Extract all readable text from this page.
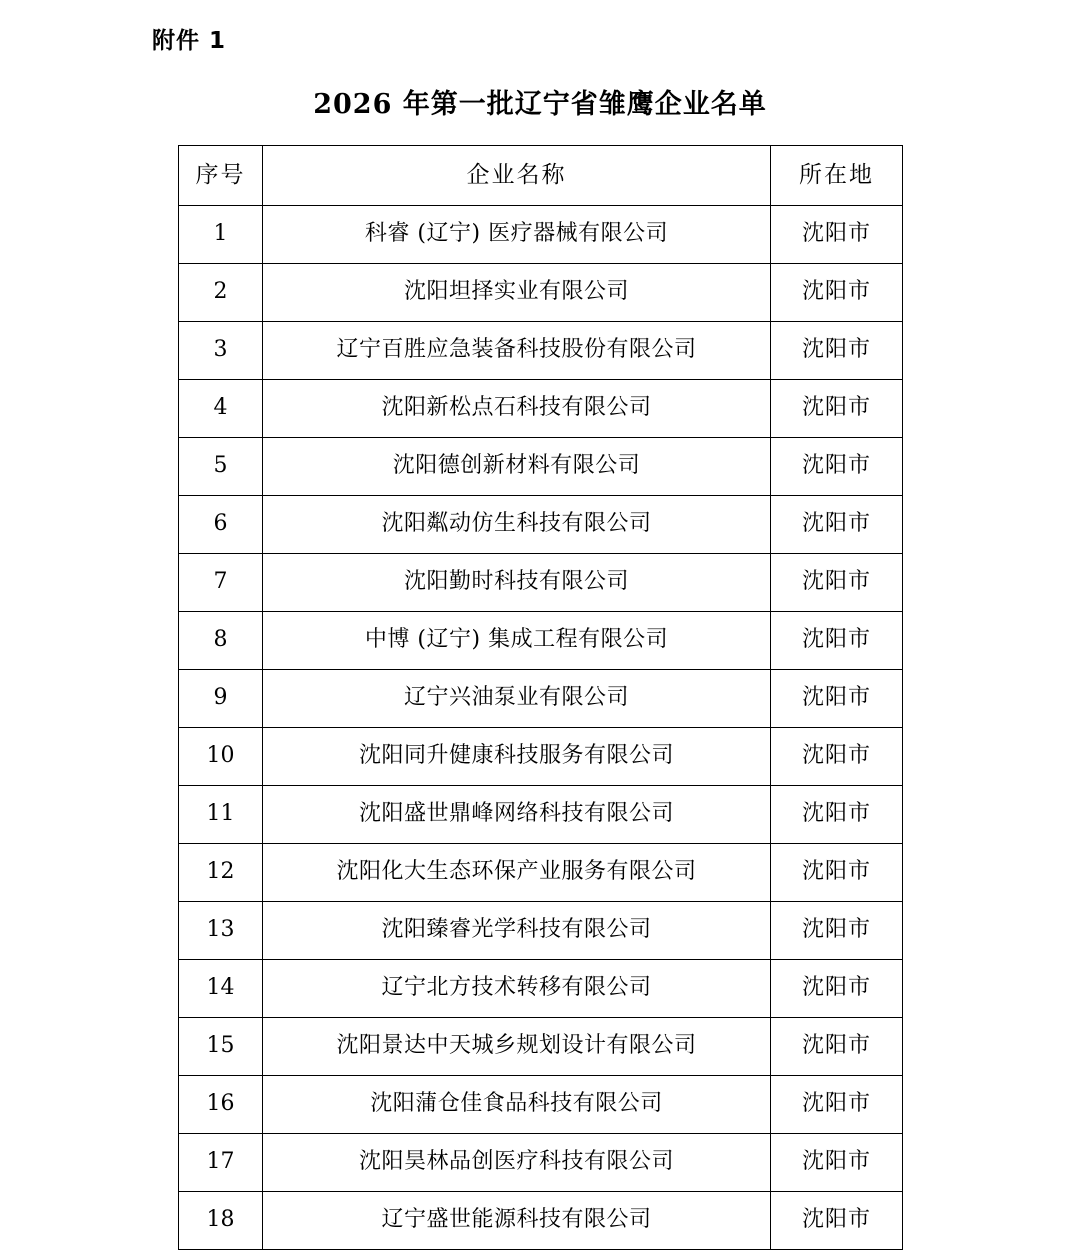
附件 1
2026 年第一批辽宁省雏鹰企业名单
序号	企业名称	所在地
1	科睿 (辽宁) 医疗器械有限公司	沈阳市
2	沈阳坦择实业有限公司	沈阳市
3	辽宁百胜应急装备科技股份有限公司	沈阳市
4	沈阳新松点石科技有限公司	沈阳市
5	沈阳德创新材料有限公司	沈阳市
6	沈阳粼动仿生科技有限公司	沈阳市
7	沈阳勤时科技有限公司	沈阳市
8	中博 (辽宁) 集成工程有限公司	沈阳市
9	辽宁兴油泵业有限公司	沈阳市
10	沈阳同升健康科技服务有限公司	沈阳市
11	沈阳盛世鼎峰网络科技有限公司	沈阳市
12	沈阳化大生态环保产业服务有限公司	沈阳市
13	沈阳臻睿光学科技有限公司	沈阳市
14	辽宁北方技术转移有限公司	沈阳市
15	沈阳景达中天城乡规划设计有限公司	沈阳市
16	沈阳蒲仓佳食品科技有限公司	沈阳市
17	沈阳昊林品创医疗科技有限公司	沈阳市
18	辽宁盛世能源科技有限公司	沈阳市
